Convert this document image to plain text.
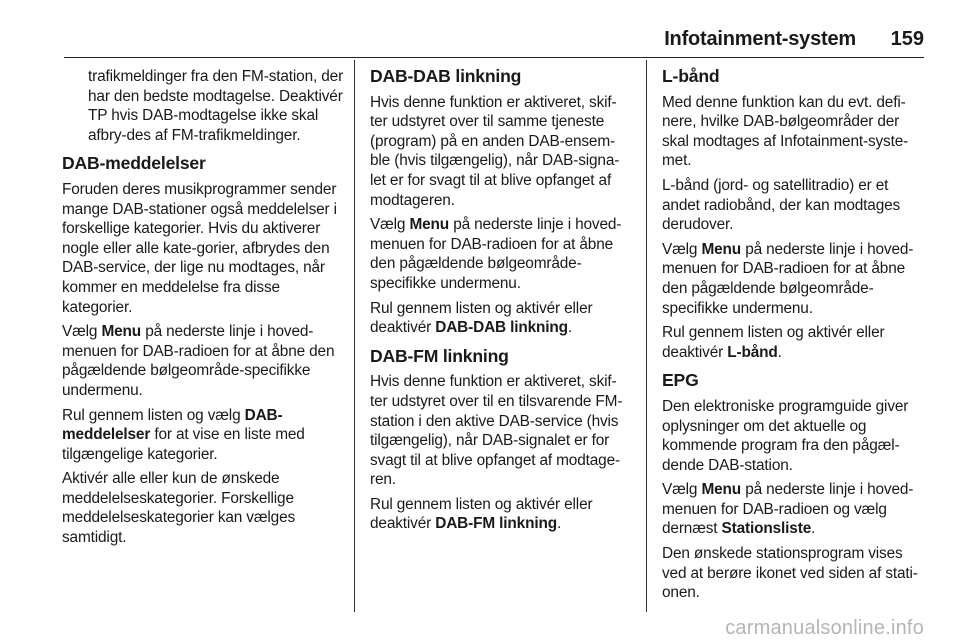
Infotainment-system 159

trafikmeldinger fra den FM-station, der har den bedste modtagelse. Deaktivér TP hvis DAB-modtagelse ikke skal afbry-des af FM-trafikmeldinger.

DAB-meddelelser

Foruden deres musikprogrammer sender mange DAB-stationer også meddelelser i forskellige kategorier. Hvis du aktiverer nogle eller alle kate-gorier, afbrydes den DAB-service, der lige nu modtages, når kommer en meddelelse fra disse kategorier.

Vælg Menu på nederste linje i hoved-menuen for DAB-radioen for at åbne den pågældende bølgeområde-specifikke undermenu.

Rul gennem listen og vælg DAB-meddelelser for at vise en liste med tilgængelige kategorier.

Aktivér alle eller kun de ønskede meddelelseskategorier. Forskellige meddelelseskategorier kan vælges samtidigt.

DAB-DAB linkning

Hvis denne funktion er aktiveret, skif-ter udstyret over til samme tjeneste (program) på en anden DAB-ensem-ble (hvis tilgængelig), når DAB-signa-let er for svagt til at blive opfanget af modtageren.

Vælg Menu på nederste linje i hoved-menuen for DAB-radioen for at åbne den pågældende bølgeområde-specifikke undermenu.

Rul gennem listen og aktivér eller deaktivér DAB-DAB linkning.

DAB-FM linkning

Hvis denne funktion er aktiveret, skif-ter udstyret over til en tilsvarende FM-station i den aktive DAB-service (hvis tilgængelig), når DAB-signalet er for svagt til at blive opfanget af modtage-ren.

Rul gennem listen og aktivér eller deaktivér DAB-FM linkning.

L-bånd

Med denne funktion kan du evt. defi-nere, hvilke DAB-bølgeområder der skal modtages af Infotainment-syste-met.

L-bånd (jord- og satellitradio) er et andet radiobånd, der kan modtages derudover.

Vælg Menu på nederste linje i hoved-menuen for DAB-radioen for at åbne den pågældende bølgeområde-specifikke undermenu.

Rul gennem listen og aktivér eller deaktivér L-bånd.

EPG

Den elektroniske programguide giver oplysninger om det aktuelle og kommende program fra den pågæl-dende DAB-station.

Vælg Menu på nederste linje i hoved-menuen for DAB-radioen og vælg dernæst Stationsliste.

Den ønskede stationsprogram vises ved at berøre ikonet ved siden af stati-onen.

carmanualsonline.info
